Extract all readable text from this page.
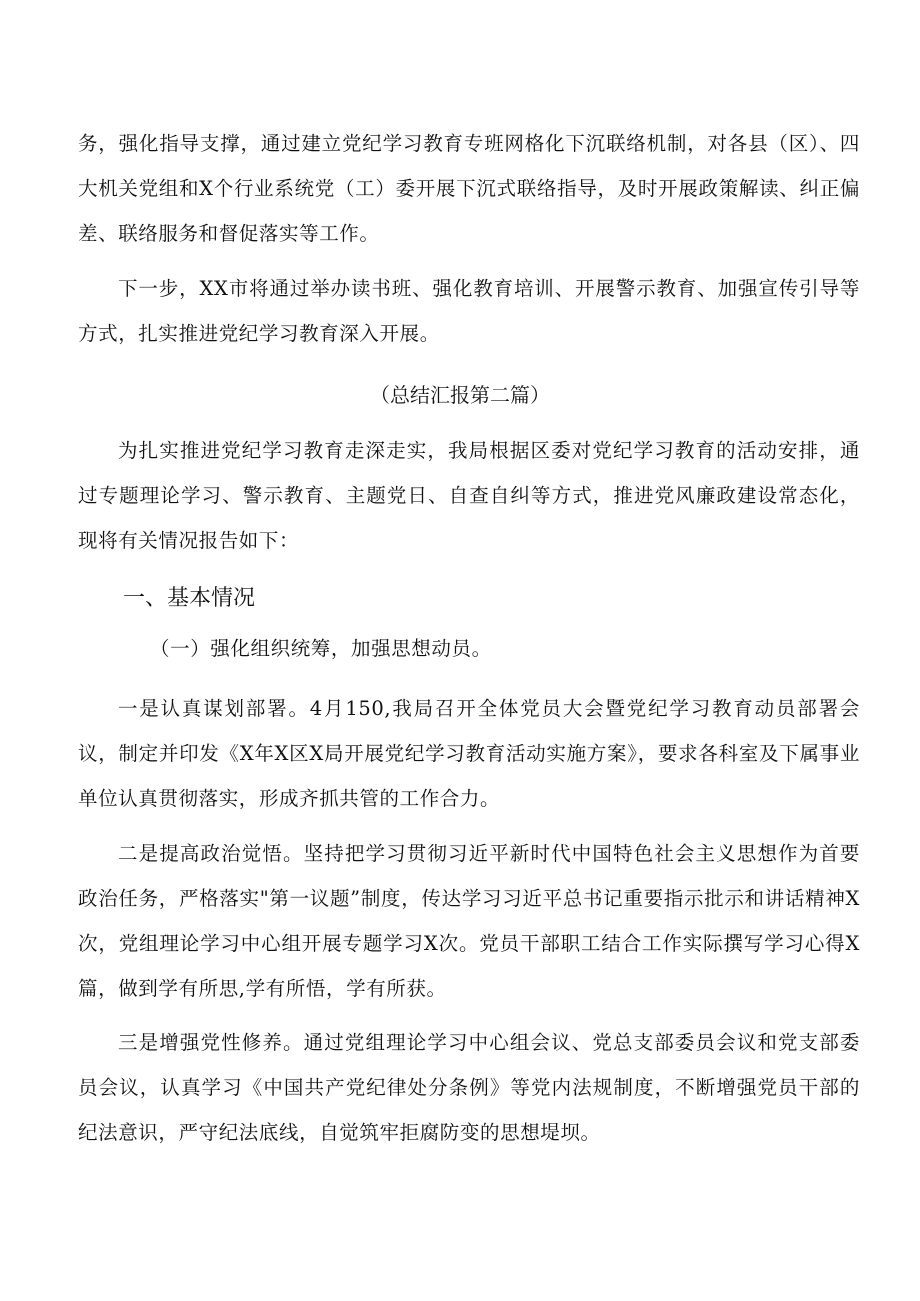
务，强化指导支撑，通过建立党纪学习教育专班网格化下沉联络机制，对各县（区）、四大机关党组和X个行业系统党（工）委开展下沉式联络指导，及时开展政策解读、纠正偏差、联络服务和督促落实等工作。

下一步，XX市将通过举办读书班、强化教育培训、开展警示教育、加强宣传引导等方式，扎实推进党纪学习教育深入开展。

（总结汇报第二篇）

为扎实推进党纪学习教育走深走实，我局根据区委对党纪学习教育的活动安排，通过专题理论学习、警示教育、主题党日、自查自纠等方式，推进党风廉政建设常态化，现将有关情况报告如下：

一、基本情况

（一）强化组织统筹，加强思想动员。

一是认真谋划部署。4月150,我局召开全体党员大会暨党纪学习教育动员部署会议，制定并印发《X年X区X局开展党纪学习教育活动实施方案》，要求各科室及下属事业单位认真贯彻落实，形成齐抓共管的工作合力。

二是提高政治觉悟。坚持把学习贯彻习近平新时代中国特色社会主义思想作为首要政治任务，严格落实"第一议题”制度，传达学习习近平总书记重要指示批示和讲话精神X次，党组理论学习中心组开展专题学习X次。党员干部职工结合工作实际撰写学习心得X篇，做到学有所思,学有所悟，学有所获。

三是增强党性修养。通过党组理论学习中心组会议、党总支部委员会议和党支部委员会议，认真学习《中国共产党纪律处分条例》等党内法规制度，不断增强党员干部的纪法意识，严守纪法底线，自觉筑牢拒腐防变的思想堤坝。
